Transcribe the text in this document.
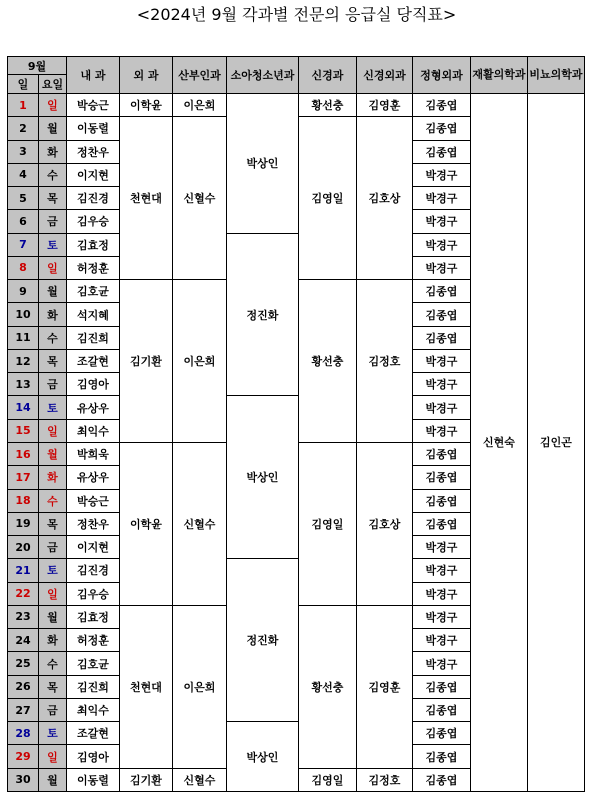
<2024년 9월 각과별 전문의 응급실 당직표>
9월		내 과	외 과	산부인과	소아청소년과	신경과	신경외과	정형외과	재활의학과	비뇨의학과
일	요일									
1	일	박승근	이학윤	이은희	박상인	황선충	김영훈	김종엽	신현숙	김인곤
2	월	이동렬	천현대	신혈수		김영일	김호상	김종엽		
3	화	정찬우						김종엽		
4	수	이지현						박경구		
5	목	김진경						박경구		
6	금	김우승						박경구		
7	토	김효정			정진화			박경구		
8	일	허정훈						박경구		
9	월	김호균	김기환	이은희		황선충	김정호	김종엽		
10	화	석지혜						김종엽		
11	수	김진희						김종엽		
12	목	조갈현						박경구		
13	금	김영아						박경구		
14	토	유상우			박상인			박경구		
15	일	최익수						박경구		
16	월	박희욱	이학윤	신혈수		김영일	김호상	김종엽		
17	화	유상우						김종엽		
18	수	박승근						김종엽		
19	목	정찬우						김종엽		
20	금	이지현						박경구		
21	토	김진경			정진화			박경구		
22	일	김우승						박경구		
23	월	김효정	천현대	이은희		황선충	김영훈	박경구		
24	화	허정훈						박경구		
25	수	김호균						박경구		
26	목	김진희						김종엽		
27	금	최익수						김종엽		
28	토	조갈현			박상인			김종엽		
29	일	김영아						김종엽		
30	월	이동렬	김기환	신혈수		김영일	김정호	김종엽		
